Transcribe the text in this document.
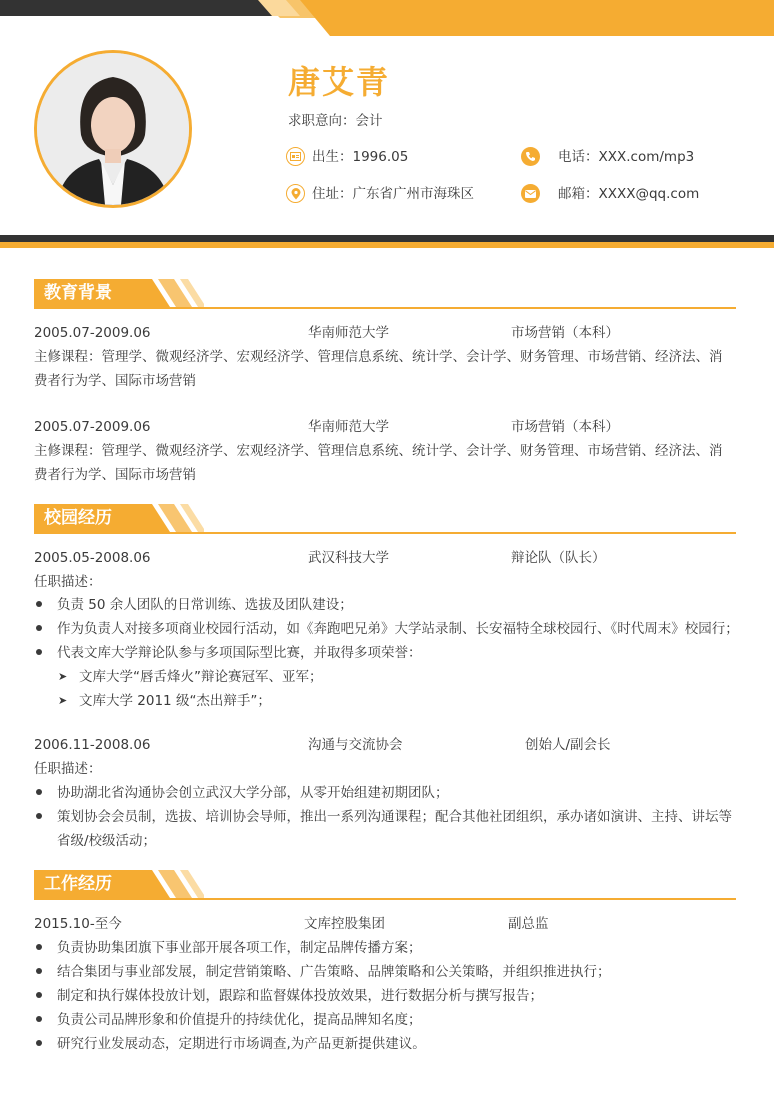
唐艾青
求职意向：会计
出生：1996.05	电话：XXX.com/mp3
住址：广东省广州市海珠区	邮箱：XXXX@qq.com
教育背景
2005.07-2009.06	华南师范大学	市场营销（本科）
主修课程：管理学、微观经济学、宏观经济学、管理信息系统、统计学、会计学、财务管理、市场营销、经济法、消
费者行为学、国际市场营销
2005.07-2009.06	华南师范大学	市场营销（本科）
主修课程：管理学、微观经济学、宏观经济学、管理信息系统、统计学、会计学、财务管理、市场营销、经济法、消
费者行为学、国际市场营销
校园经历
2005.05-2008.06	武汉科技大学	辩论队（队长）
任职描述：
负责 50 余人团队的日常训练、选拔及团队建设；
作为负责人对接多项商业校园行活动，如《奔跑吧兄弟》大学站录制、长安福特全球校园行、《时代周末》校园行；
代表文库大学辩论队参与多项国际型比赛，并取得多项荣誉：
➤ 文库大学“唇舌烽火”辩论赛冠军、亚军；
➤ 文库大学 2011 级“杰出辩手”；
2006.11-2008.06	沟通与交流协会	创始人/副会长
任职描述：
协助湖北省沟通协会创立武汉大学分部，从零开始组建初期团队；
策划协会会员制，选拔、培训协会导师，推出一系列沟通课程；配合其他社团组织，承办诸如演讲、主持、讲坛等
省级/校级活动；
工作经历
2015.10-至今	文库控股集团	副总监
负责协助集团旗下事业部开展各项工作，制定品牌传播方案；
结合集团与事业部发展，制定营销策略、广告策略、品牌策略和公关策略，并组织推进执行；
制定和执行媒体投放计划，跟踪和监督媒体投放效果，进行数据分析与撰写报告；
负责公司品牌形象和价值提升的持续优化，提高品牌知名度；
研究行业发展动态，定期进行市场调查,为产品更新提供建议。
